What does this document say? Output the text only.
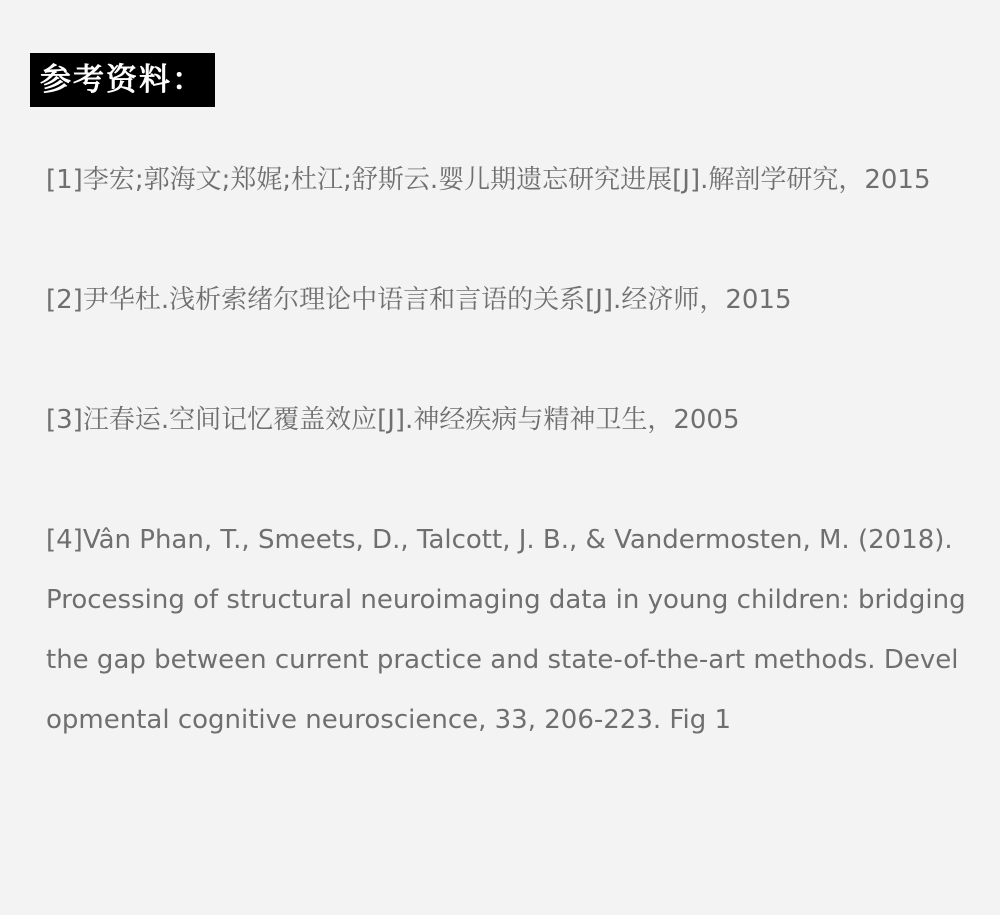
参考资料：

[1]李宏;郭海文;郑娓;杜江;舒斯云.婴儿期遗忘研究进展[J].解剖学研究，2015

[2]尹华杜.浅析索绪尔理论中语言和言语的关系[J].经济师，2015

[3]汪春运.空间记忆覆盖效应[J].神经疾病与精神卫生，2005

[4]Vân Phan, T., Smeets, D., Talcott, J. B., & Vandermosten, M. (2018). Processing of structural neuroimaging data in young children: bridging the gap between current practice and state-of-the-art methods. Developmental cognitive neuroscience, 33, 206-223. Fig 1
